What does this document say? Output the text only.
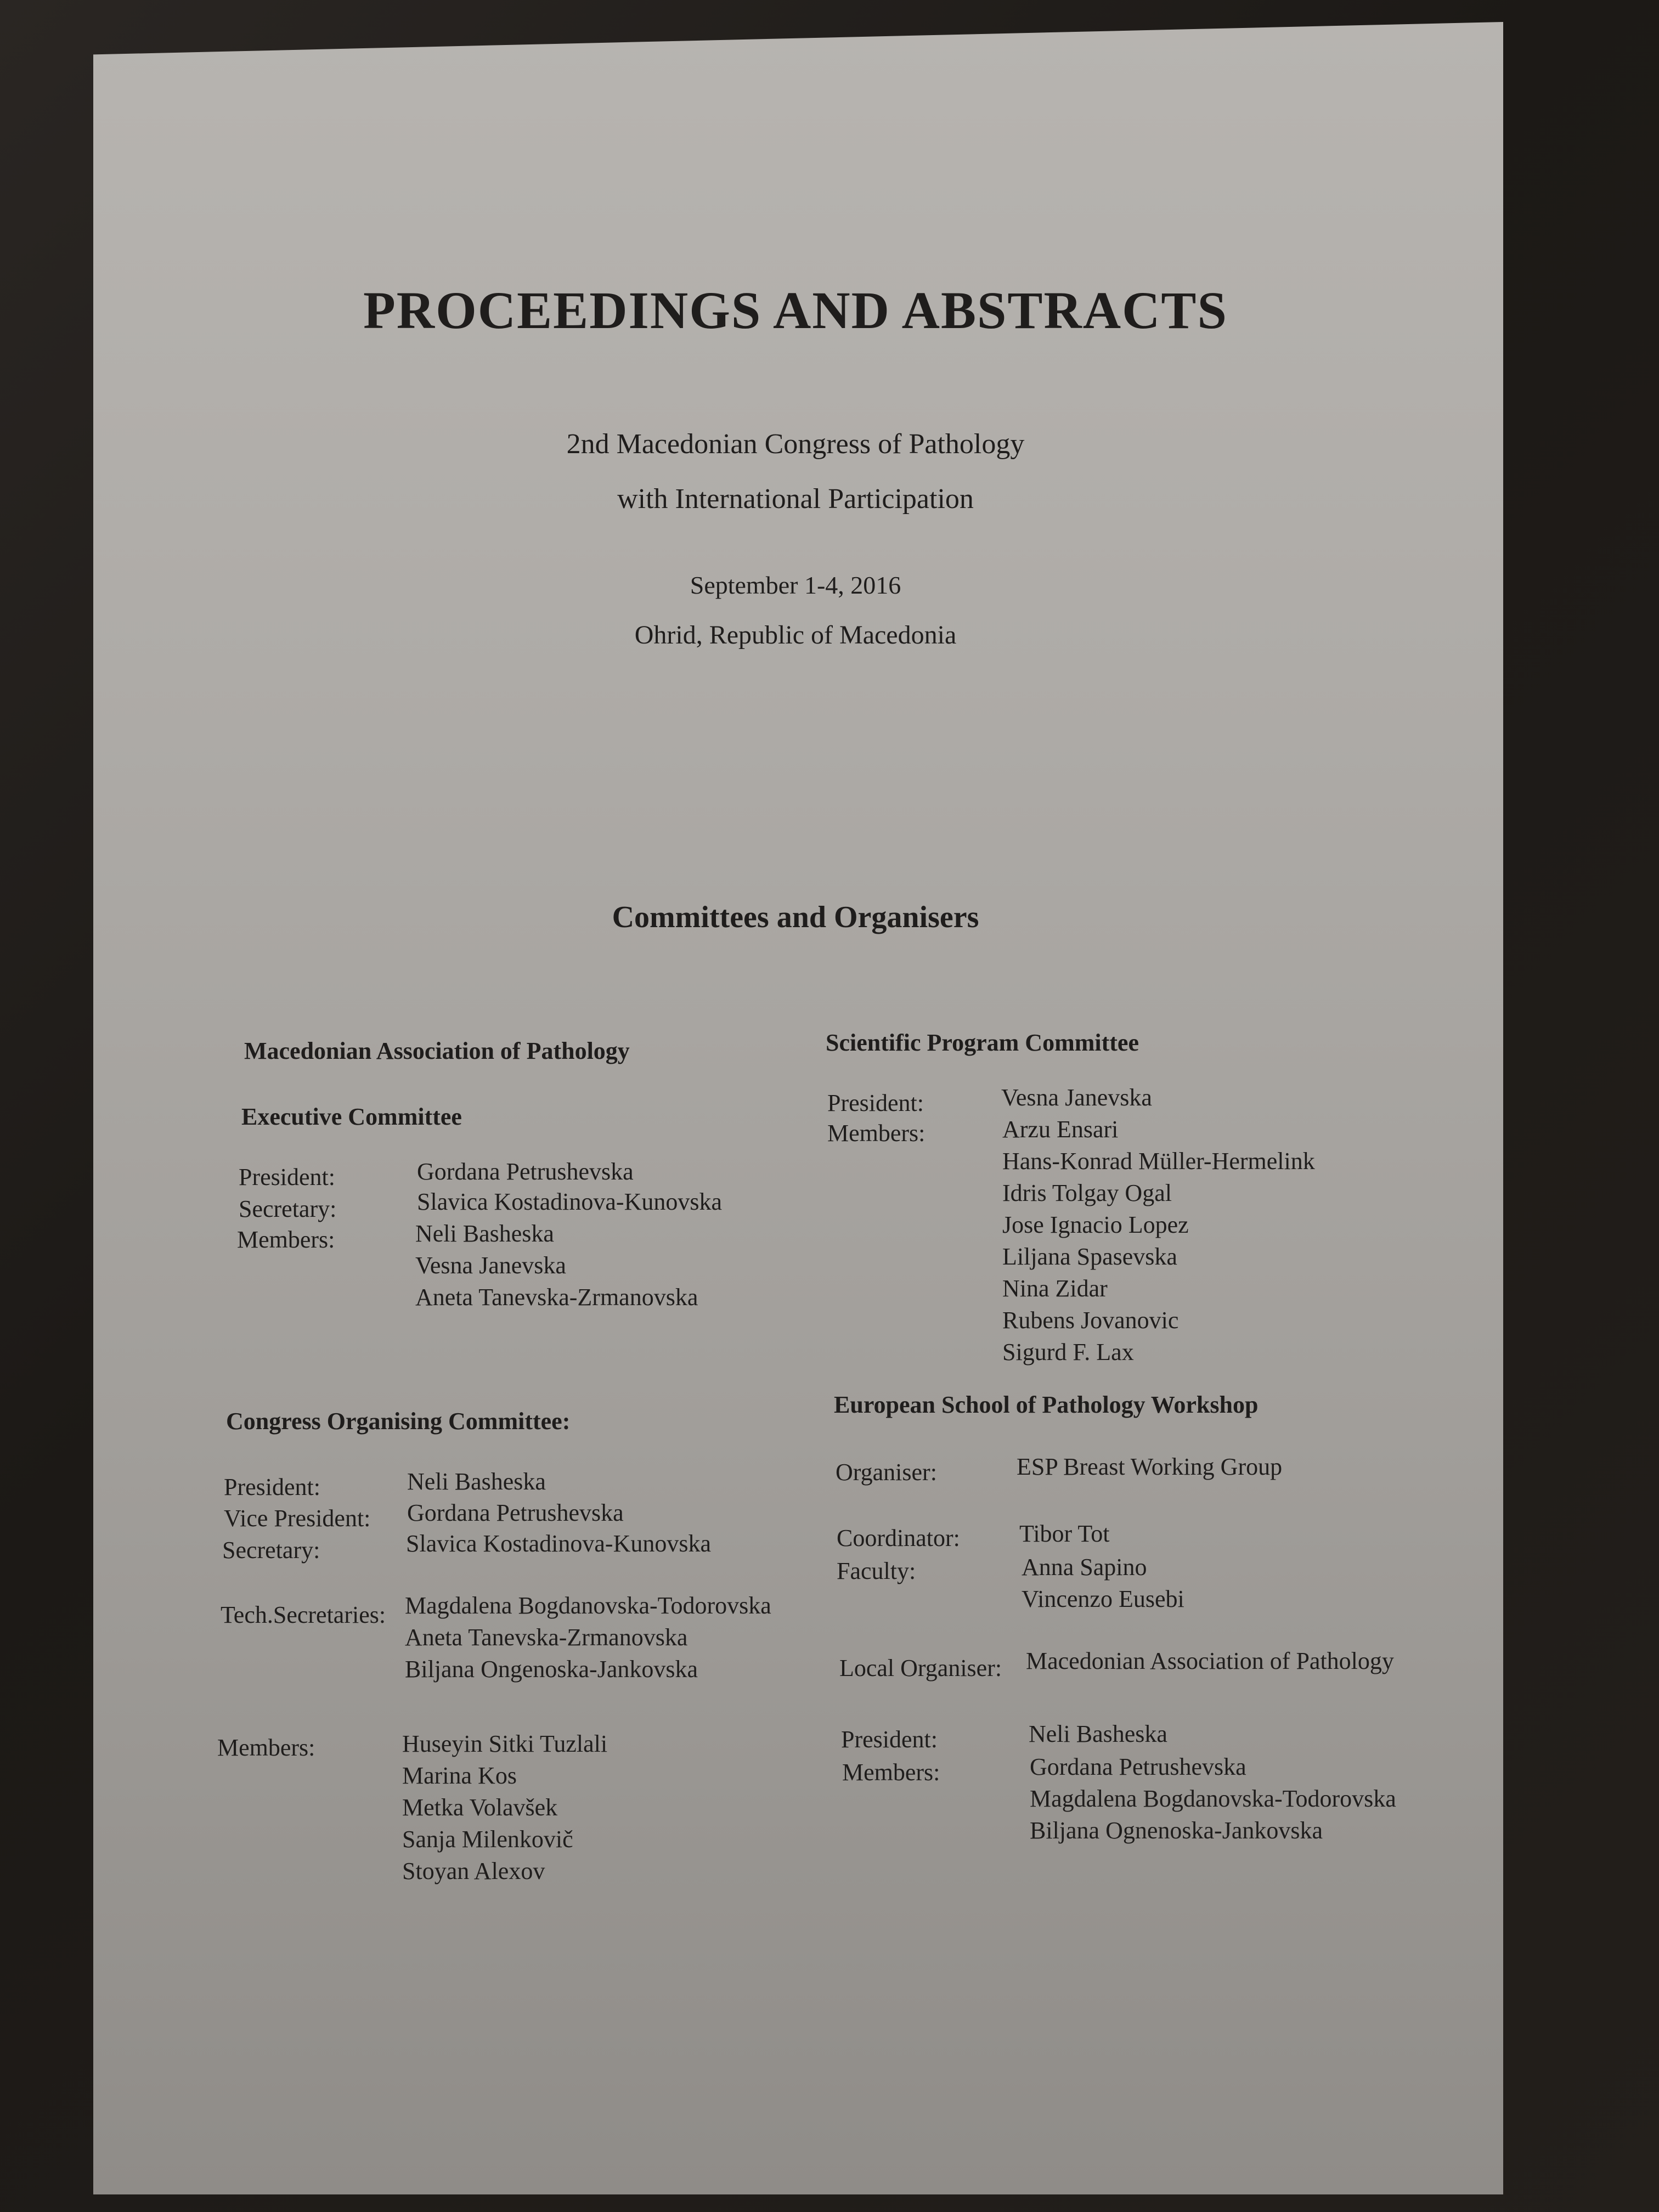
PROCEEDINGS AND ABSTRACTS
2nd Macedonian Congress of Pathology
with International Participation
September 1-4, 2016
Ohrid, Republic of Macedonia
Committees and Organisers
Macedonian Association of Pathology
Executive Committee
President:	Gordana Petrushevska
Secretary:	Slavica Kostadinova-Kunovska
Members:	Neli Basheska
Vesna Janevska
Aneta Tanevska-Zrmanovska
Congress Organising Committee:
President:	Neli Basheska
Vice President: Gordana Petrushevska
Secretary:	Slavica Kostadinova-Kunovska
Tech.Secretaries: Magdalena Bogdanovska-Todorovska
Aneta Tanevska-Zrmanovska
Biljana Ongenoska-Jankovska
Members:	Huseyin Sitki Tuzlali
Marina Kos
Metka Volavšek
Sanja Milenkovič
Stoyan Alexov
Scientific Program Committee
President:	Vesna Janevska
Members:	Arzu Ensari
Hans-Konrad Müller-Hermelink
Idris Tolgay Ogal
Jose Ignacio Lopez
Liljana Spasevska
Nina Zidar
Rubens Jovanovic
Sigurd F. Lax
European School of Pathology Workshop
Organiser:	ESP Breast Working Group
Coordinator: Tibor Tot
Faculty:	Anna Sapino
Vincenzo Eusebi
Local Organiser: Macedonian Association of Pathology
President:	Neli Basheska
Members:	Gordana Petrushevska
Magdalena Bogdanovska-Todorovska
Biljana Ognenoska-Jankovska
